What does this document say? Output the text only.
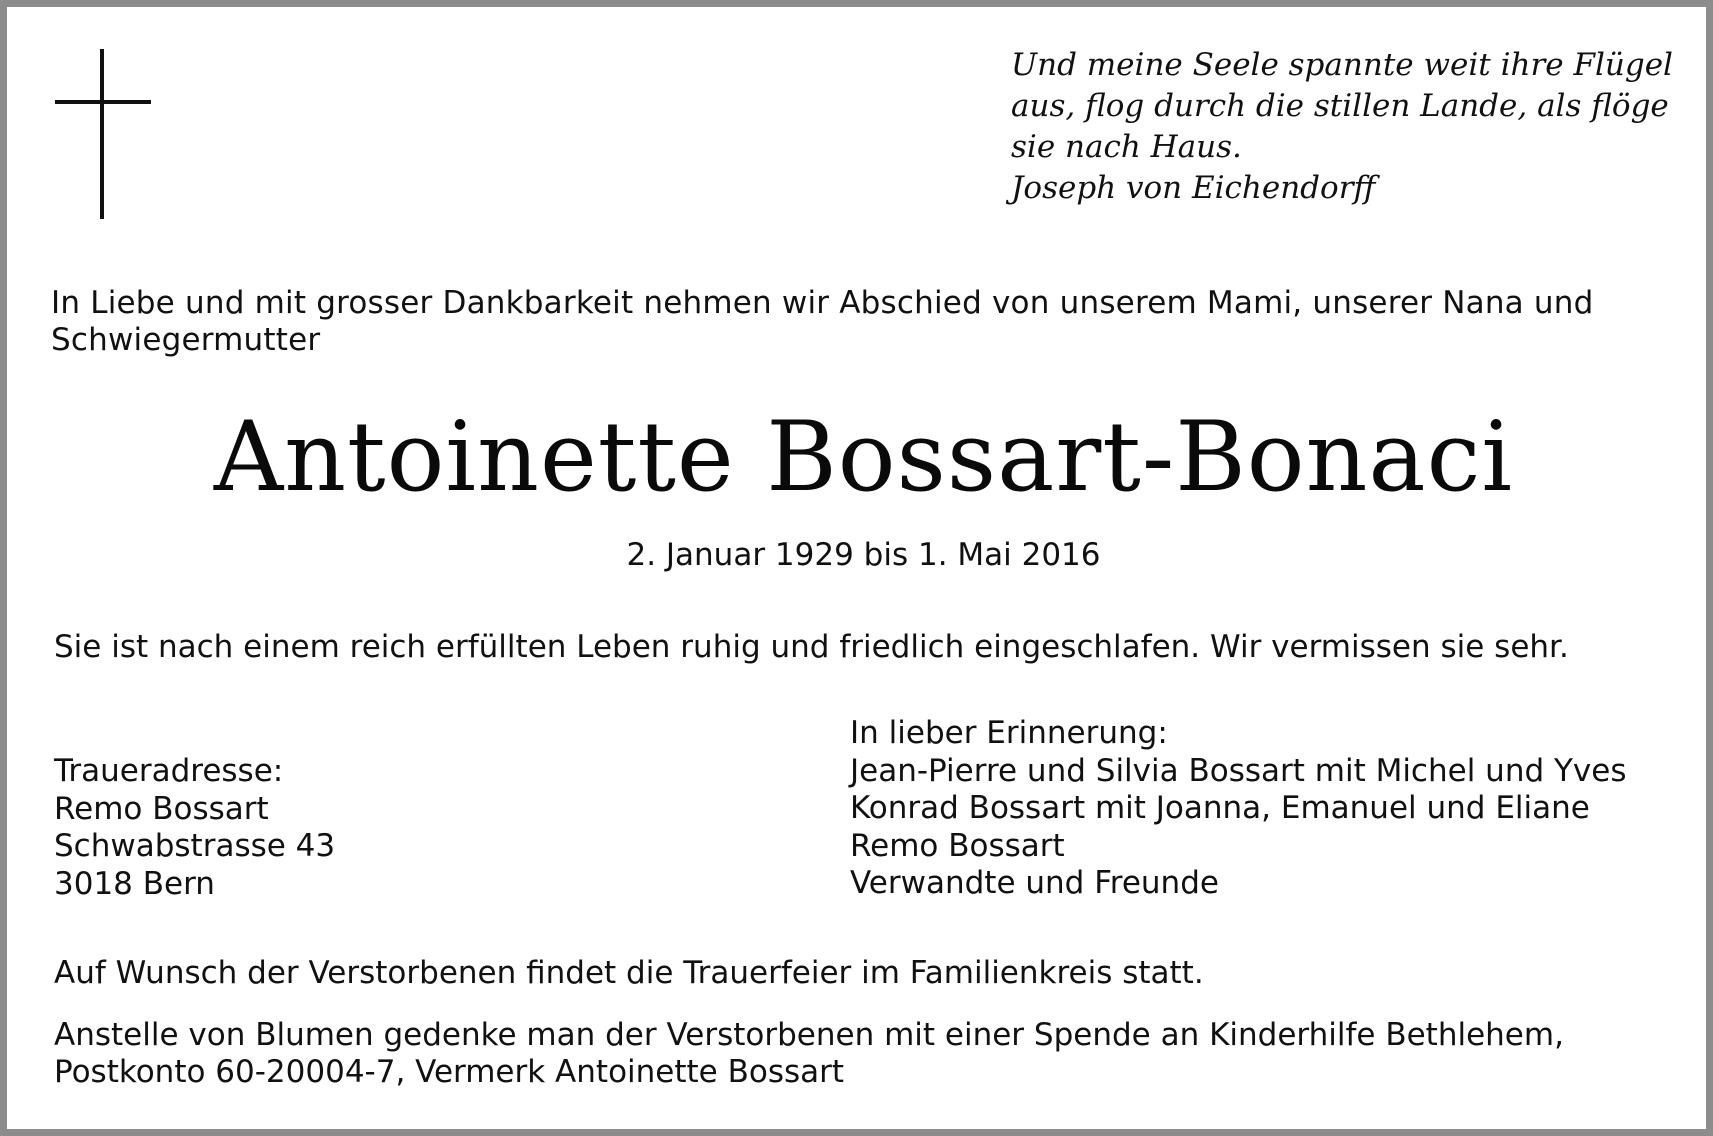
Und meine Seele spannte weit ihre Flügel
aus, flog durch die stillen Lande, als flöge
sie nach Haus.
Joseph von Eichendorff
In Liebe und mit grosser Dankbarkeit nehmen wir Abschied von unserem Mami, unserer Nana und
Schwiegermutter
Antoinette Bossart-Bonaci
2. Januar 1929 bis 1. Mai 2016
Sie ist nach einem reich erfüllten Leben ruhig und friedlich eingeschlafen. Wir vermissen sie sehr.
In lieber Erinnerung:
Jean-Pierre und Silvia Bossart mit Michel und Yves
Konrad Bossart mit Joanna, Emanuel und Eliane
Remo Bossart
Verwandte und Freunde
Traueradresse:
Remo Bossart
Schwabstrasse 43
3018 Bern
Auf Wunsch der Verstorbenen findet die Trauerfeier im Familienkreis statt.
Anstelle von Blumen gedenke man der Verstorbenen mit einer Spende an Kinderhilfe Bethlehem,
Postkonto 60-20004-7, Vermerk Antoinette Bossart
